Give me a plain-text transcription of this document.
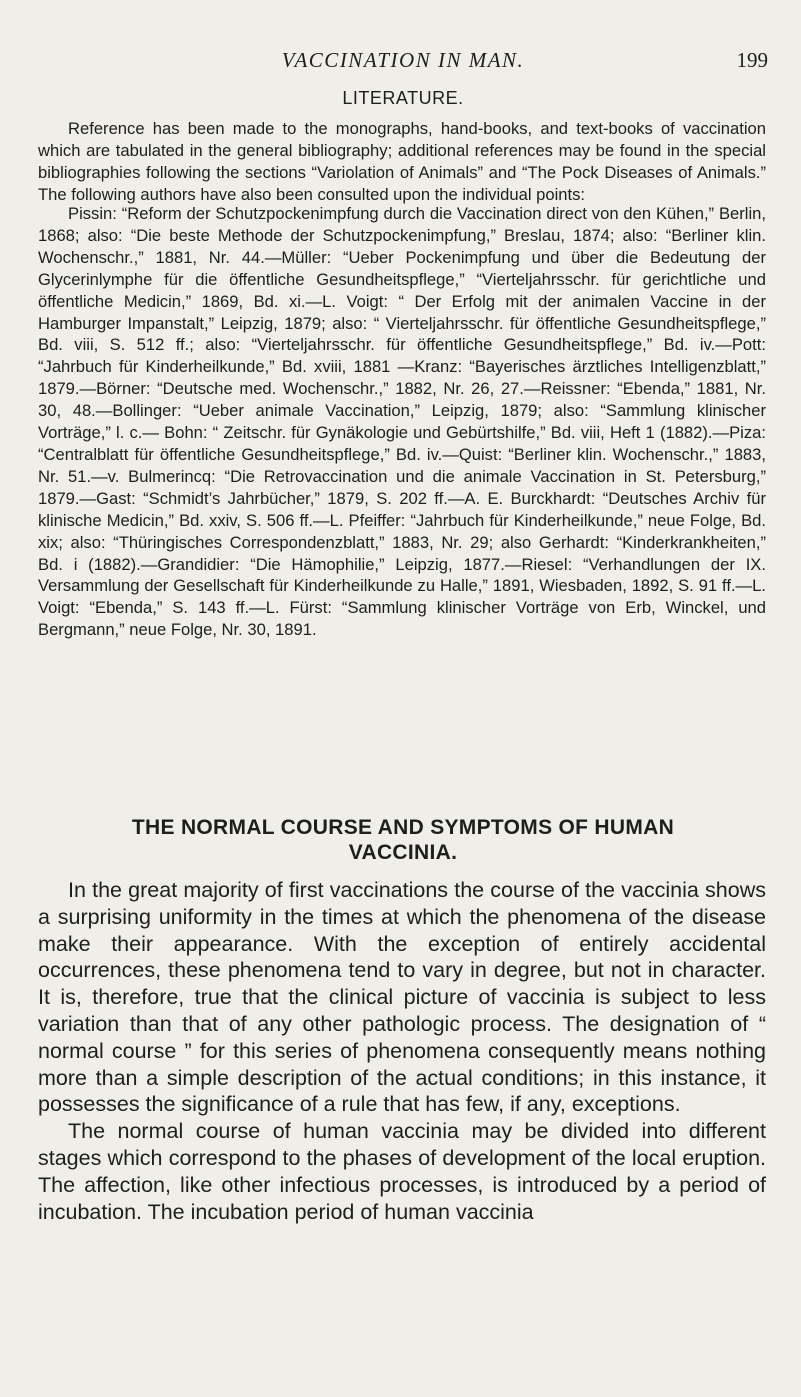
VACCINATION IN MAN.	199
LITERATURE.

Reference has been made to the monographs, hand-books, and text-books of vaccination which are tabulated in the general bibliography; additional references may be found in the special bibliographies following the sections “Variolation of Animals” and “The Pock Diseases of Animals.” The following authors have also been consulted upon the individual points:

Pissin: “Reform der Schutzpockenimpfung durch die Vaccination direct von den Kühen,” Berlin, 1868; also: “Die beste Methode der Schutzpockenimpfung,” Breslau, 1874; also: “Berliner klin. Wochenschr.,” 1881, Nr. 44.—Müller: “Ueber Pockenimpfung und über die Bedeutung der Glycerinlymphe für die öffentliche Gesundheitspflege,” “Vierteljahrsschr. für gerichtliche und öffentliche Medicin,” 1869, Bd. xi.—L. Voigt: “ Der Erfolg mit der animalen Vaccine in der Hamburger Impanstalt,” Leipzig, 1879; also: “ Vierteljahrsschr. für öffentliche Gesundheitspflege,” Bd. viii, S. 512 ff.; also: “Vierteljahrsschr. für öffentliche Gesundheitspflege,” Bd. iv.—Pott: “Jahrbuch für Kinderheilkunde,” Bd. xviii, 1881 —Kranz: “Bayerisches ärztliches Intelligenzblatt,” 1879.—Börner: “Deutsche med. Wochenschr.,” 1882, Nr. 26, 27.—Reissner: “Ebenda,” 1881, Nr. 30, 48.—Bollinger: “Ueber animale Vaccination,” Leipzig, 1879; also: “Sammlung klinischer Vorträge,” l. c.— Bohn: “ Zeitschr. für Gynäkologie und Gebürtshilfe,” Bd. viii, Heft 1 (1882).—Piza: “Centralblatt für öffentliche Gesundheitspflege,” Bd. iv.—Quist: “Berliner klin. Wochenschr.,” 1883, Nr. 51.—v. Bulmerincq: “Die Retrovaccination und die animale Vaccination in St. Petersburg,” 1879.—Gast: “Schmidt’s Jahrbücher,” 1879, S. 202 ff.—A. E. Burckhardt: “Deutsches Archiv für klinische Medicin,” Bd. xxiv, S. 506 ff.—L. Pfeiffer: “Jahrbuch für Kinderheilkunde,” neue Folge, Bd. xix; also: “Thüringisches Correspondenzblatt,” 1883, Nr. 29; also Gerhardt: “Kinderkrankheiten,” Bd. i (1882).—Grandidier: “Die Hämophilie,” Leipzig, 1877.—Riesel: “Verhandlungen der IX. Versammlung der Gesellschaft für Kinderheilkunde zu Halle,” 1891, Wiesbaden, 1892, S. 91 ff.—L. Voigt: “Ebenda,” S. 143 ff.—L. Fürst: “Sammlung klinischer Vorträge von Erb, Winckel, und Bergmann,” neue Folge, Nr. 30, 1891.

THE NORMAL COURSE AND SYMPTOMS OF HUMAN
VACCINIA.

In the great majority of first vaccinations the course of the vaccinia shows a surprising uniformity in the times at which the phenomena of the disease make their appearance. With the exception of entirely accidental occurrences, these phenomena tend to vary in degree, but not in character. It is, therefore, true that the clinical picture of vaccinia is subject to less variation than that of any other pathologic process. The designation of “ normal course ” for this series of phenomena consequently means nothing more than a simple description of the actual conditions; in this instance, it possesses the significance of a rule that has few, if any, exceptions.

The normal course of human vaccinia may be divided into different stages which correspond to the phases of development of the local eruption. The affection, like other infectious processes, is introduced by a period of incubation. The incubation period of human vaccinia
